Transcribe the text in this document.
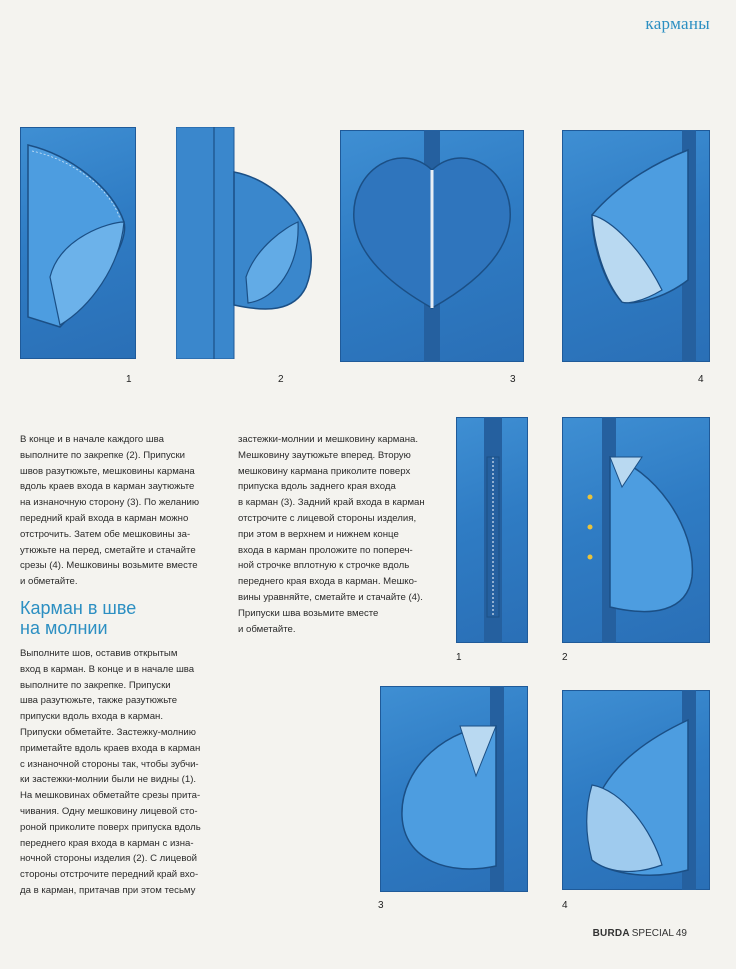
карманы
1	2	3	4

В конце и в начале каждого шва

выполните по закрепке (2). Припуски

швов разутюжьте, мешковины кармана

вдоль краев входа в карман заутюжьте

на изнаночную сторону (3). По желанию

передний край входа в карман можно

отстрочить. Затем обе мешковины за-

утюжьте на перед, сметайте и стачайте

срезы (4). Мешковины возьмите вместе

и обметайте.

Карман в шве
на молнии

Выполните шов, оставив открытым

вход в карман. В конце и в начале шва

выполните по закрепке. Припуски

шва разутюжьте, также разутюжьте

припуски вдоль входа в карман.

Припуски обметайте. Застежку-молнию

приметайте вдоль краев входа в карман

с изнаночной стороны так, чтобы зубчи-

ки застежки-молнии были не видны (1).

На мешковинах обметайте срезы прита-

чивания. Одну мешковину лицевой сто-

роной приколите поверх припуска вдоль

переднего края входа в карман с изна-

ночной стороны изделия (2). С лицевой

стороны отстрочите передний край вхо-

да в карман, притачав при этом тесьму

застежки-молнии и мешковину кармана.

Мешковину заутюжьте вперед. Вторую

мешковину кармана приколите поверх

припуска вдоль заднего края входа

в карман (3). Задний край входа в карман

отстрочите с лицевой стороны изделия,

при этом в верхнем и нижнем конце

входа в карман проложите по попереч-

ной строчке вплотную к строчке вдоль

переднего края входа в карман. Мешко-

вины уравняйте, сметайте и стачайте (4).

Припуски шва возьмите вместе

и обметайте.

1	2
3	4
BURDA SPECIAL 49
